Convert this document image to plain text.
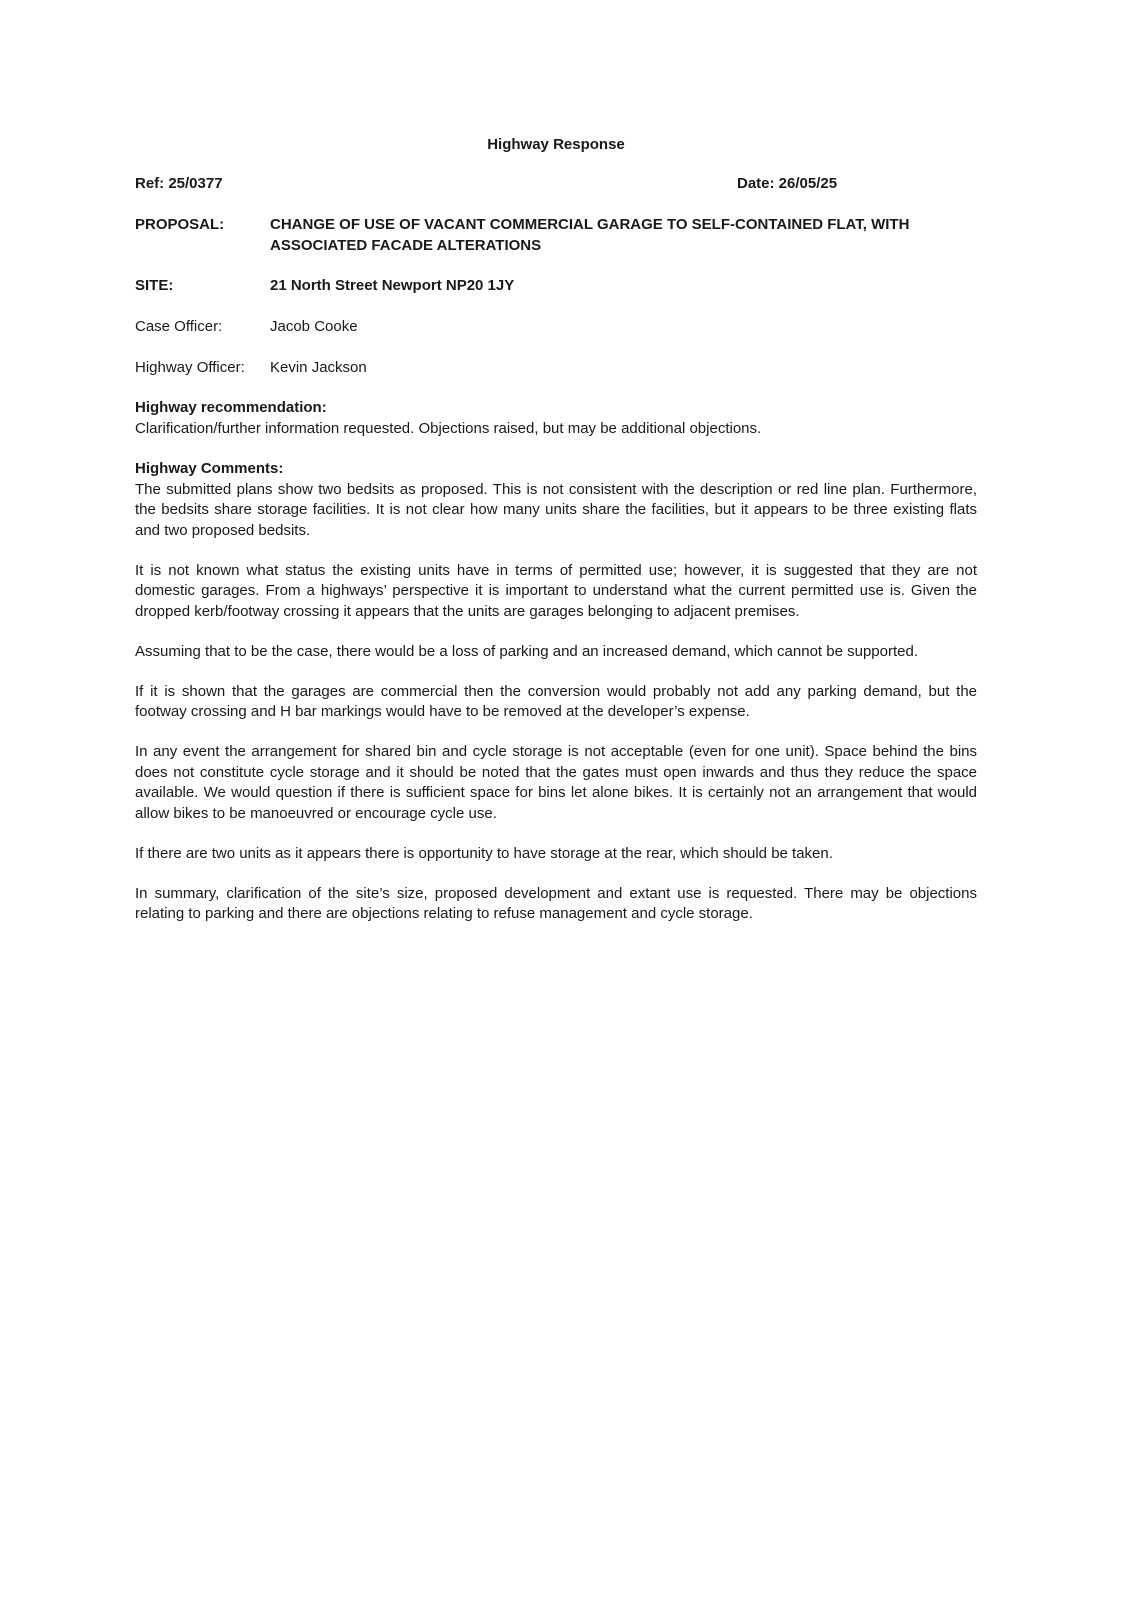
Highway Response
Ref: 25/0377	Date: 26/05/25
PROPOSAL:	CHANGE OF USE OF VACANT COMMERCIAL GARAGE TO SELF-CONTAINED FLAT, WITH ASSOCIATED FACADE ALTERATIONS
SITE:	21 North Street Newport NP20 1JY
Case Officer:	Jacob Cooke
Highway Officer:	Kevin Jackson
Highway recommendation:
Clarification/further information requested. Objections raised, but may be additional objections.
Highway Comments:
The submitted plans show two bedsits as proposed. This is not consistent with the description or red line plan. Furthermore, the bedsits share storage facilities. It is not clear how many units share the facilities, but it appears to be three existing flats and two proposed bedsits.
It is not known what status the existing units have in terms of permitted use; however, it is suggested that they are not domestic garages. From a highways’ perspective it is important to understand what the current permitted use is. Given the dropped kerb/footway crossing it appears that the units are garages belonging to adjacent premises.
Assuming that to be the case, there would be a loss of parking and an increased demand, which cannot be supported.
If it is shown that the garages are commercial then the conversion would probably not add any parking demand, but the footway crossing and H bar markings would have to be removed at the developer’s expense.
In any event the arrangement for shared bin and cycle storage is not acceptable (even for one unit). Space behind the bins does not constitute cycle storage and it should be noted that the gates must open inwards and thus they reduce the space available. We would question if there is sufficient space for bins let alone bikes. It is certainly not an arrangement that would allow bikes to be manoeuvred or encourage cycle use.
If there are two units as it appears there is opportunity to have storage at the rear, which should be taken.
In summary, clarification of the site’s size, proposed development and extant use is requested. There may be objections relating to parking and there are objections relating to refuse management and cycle storage.
